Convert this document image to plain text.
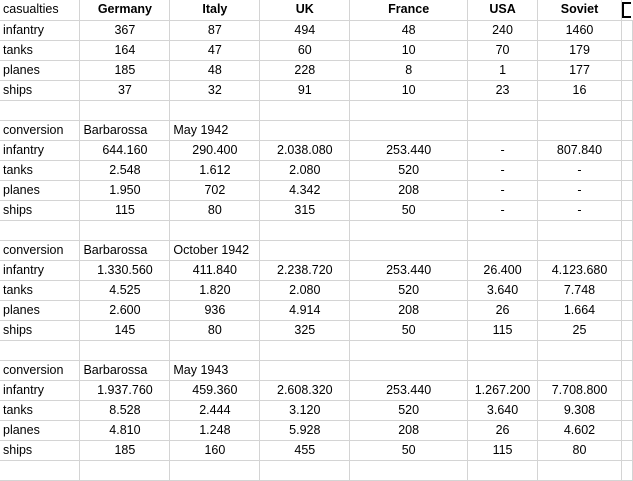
casualties	Germany	Italy	UK	France	USA	Soviet	

infantry	367	87	494	48	240	1460	
tanks	164	47	60	10	70	179	
planes	185	48	228	8	1	177	
ships	37	32	91	10	23	16	

conversion	Barbarossa	May 1942					
infantry	644.160	290.400	2.038.080	253.440	-	807.840	
tanks	2.548	1.612	2.080	520	-	-	
planes	1.950	702	4.342	208	-	-	
ships	115	80	315	50	-	-	

conversion	Barbarossa	October 1942					
infantry	1.330.560	411.840	2.238.720	253.440	26.400	4.123.680	
tanks	4.525	1.820	2.080	520	3.640	7.748	
planes	2.600	936	4.914	208	26	1.664	
ships	145	80	325	50	115	25	

conversion	Barbarossa	May 1943					
infantry	1.937.760	459.360	2.608.320	253.440	1.267.200	7.708.800	
tanks	8.528	2.444	3.120	520	3.640	9.308	
planes	4.810	1.248	5.928	208	26	4.602	
ships	185	160	455	50	115	80	
